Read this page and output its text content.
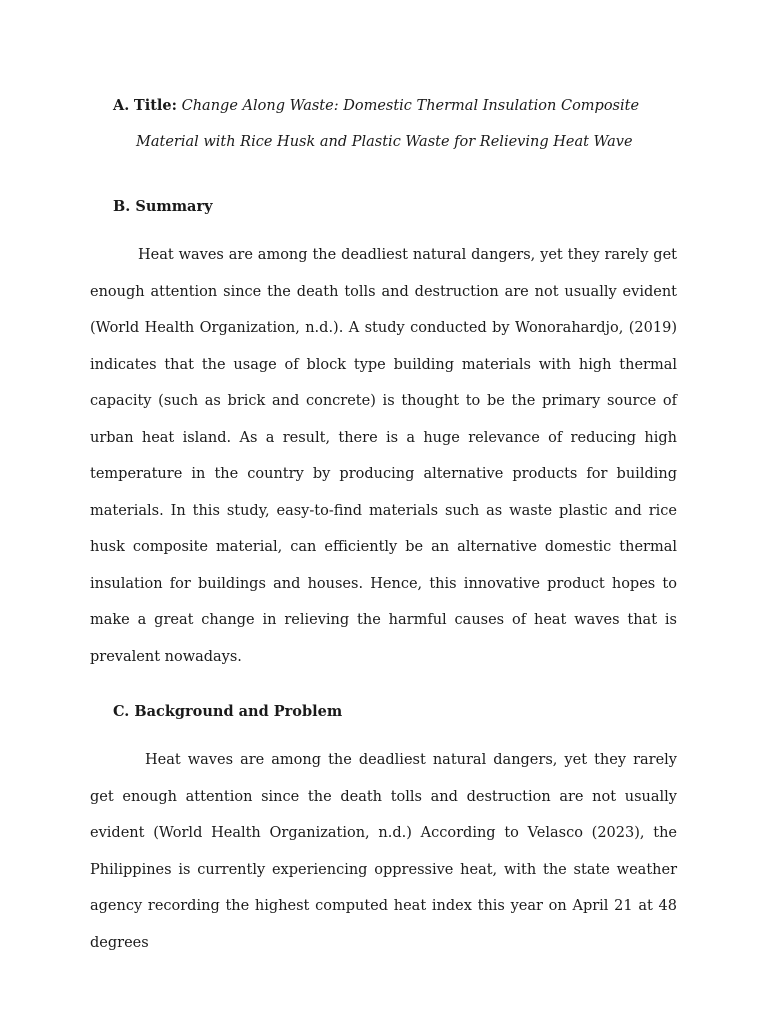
A. Title: Change Along Waste: Domestic Thermal Insulation Composite
Material with Rice Husk and Plastic Waste for Relieving Heat Wave
B. Summary

Heat waves are among the deadliest natural dangers, yet they rarely get enough attention since the death tolls and destruction are not usually evident (World Health Organization, n.d.). A study conducted by Wonorahardjo, (2019) indicates that the usage of block type building materials with high thermal capacity (such as brick and concrete) is thought to be the primary source of urban heat island. As a result, there is a huge relevance of reducing high temperature in the country by producing alternative products for building materials. In this study, easy-to-find materials such as waste plastic and rice husk composite material, can efficiently be an alternative domestic thermal insulation for buildings and houses. Hence, this innovative product hopes to make a great change in relieving the harmful causes of heat waves that is prevalent nowadays.

C. Background and Problem

Heat waves are among the deadliest natural dangers, yet they rarely get enough attention since the death tolls and destruction are not usually evident (World Health Organization, n.d.) According to Velasco (2023), the Philippines is currently experiencing oppressive heat, with the state weather agency recording the highest computed heat index this year on April 21 at 48 degrees
